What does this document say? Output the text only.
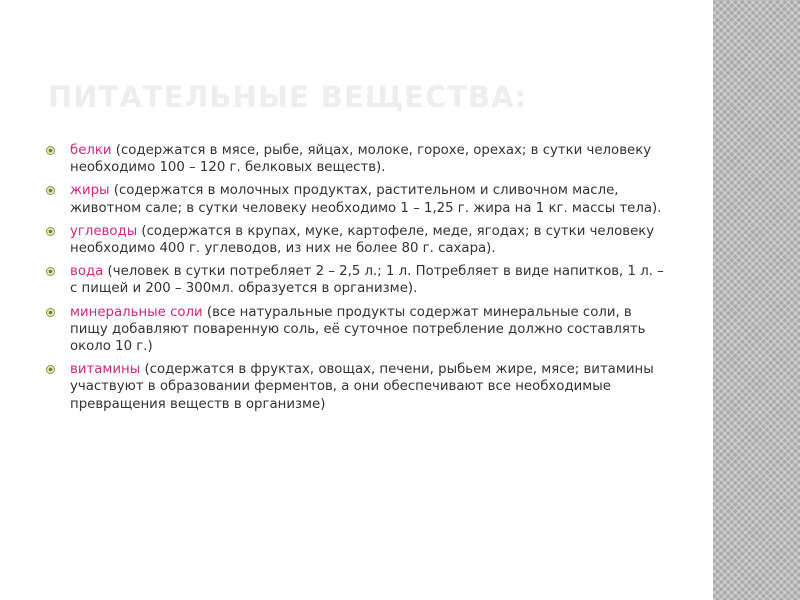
ПИТАТЕЛЬНЫЕ ВЕЩЕСТВА:
белки (содержатся в мясе, рыбе, яйцах, молоке, горохе, орехах; в сутки человеку необходимо 100 – 120 г. белковых веществ).
жиры (содержатся в молочных продуктах, растительном и сливочном масле, животном сале; в сутки человеку необходимо 1 – 1,25 г. жира на 1 кг. массы тела).
углеводы (содержатся в крупах, муке, картофеле, меде, ягодах; в сутки человеку необходимо 400 г. углеводов, из них не более 80 г. сахара).
вода (человек в сутки потребляет 2 – 2,5 л.; 1 л. Потребляет в виде напитков, 1 л. – с пищей и 200 – 300мл. образуется в организме).
минеральные соли (все натуральные продукты содержат минеральные соли, в пищу добавляют поваренную соль, её суточное потребление должно составлять около 10 г.)
витамины (содержатся в фруктах, овощах, печени, рыбьем жире, мясе; витамины участвуют в образовании ферментов, а они обеспечивают все необходимые превращения веществ в организме)
